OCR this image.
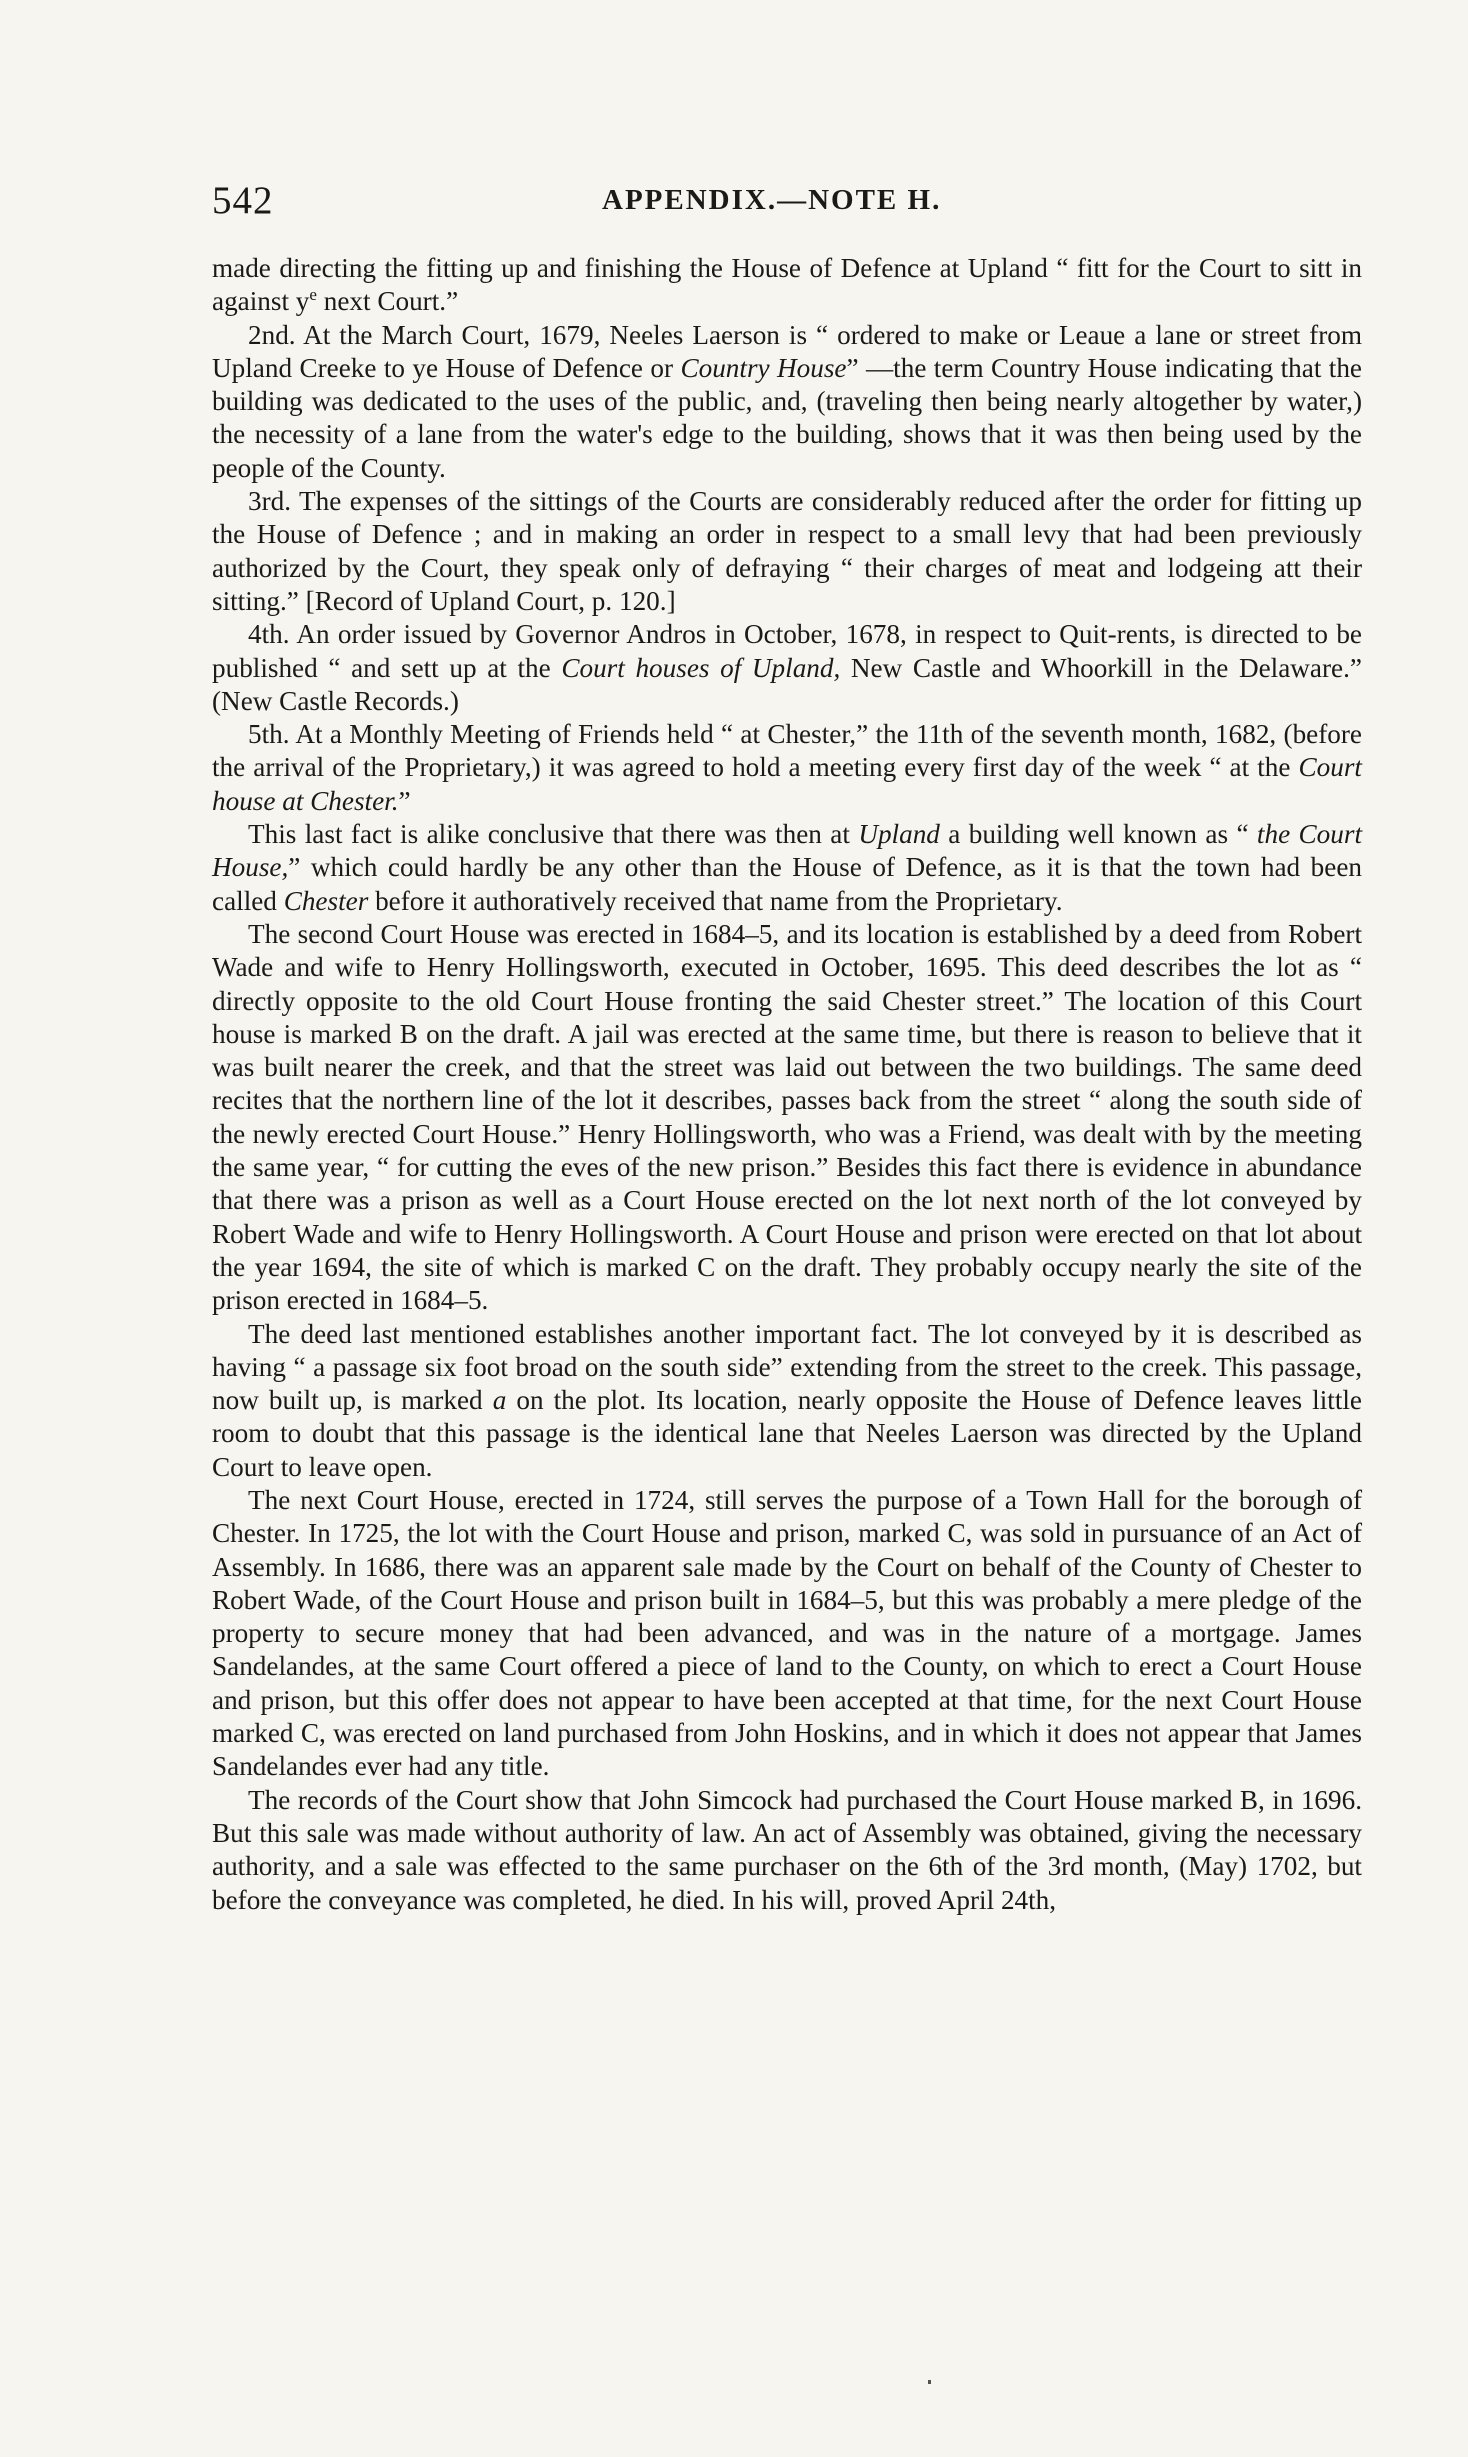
542	APPENDIX.—NOTE H.

made directing the fitting up and finishing the House of Defence at Upland “ fitt for the Court to sitt in against $y^e$ next Court.”

2nd. At the March Court, 1679, Neeles Laerson is “ ordered to make or Leaue a lane or street from Upland Creeke to ye House of Defence or Country House” —the term Country House indicating that the building was dedicated to the uses of the public, and, (traveling then being nearly altogether by water,) the necessity of a lane from the water's edge to the building, shows that it was then being used by the people of the County.

3rd. The expenses of the sittings of the Courts are considerably reduced after the order for fitting up the House of Defence ; and in making an order in respect to a small levy that had been previously authorized by the Court, they speak only of defraying “ their charges of meat and lodgeing att their sitting.” [Record of Upland Court, p. 120.]

4th. An order issued by Governor Andros in October, 1678, in respect to Quit-rents, is directed to be published “ and sett up at the Court houses of Upland, New Castle and Whoorkill in the Delaware.” (New Castle Records.)

5th. At a Monthly Meeting of Friends held “ at Chester,” the 11th of the seventh month, 1682, (before the arrival of the Proprietary,) it was agreed to hold a meeting every first day of the week “ at the Court house at Chester.”

This last fact is alike conclusive that there was then at Upland a building well known as “ the Court House,” which could hardly be any other than the House of Defence, as it is that the town had been called Chester before it authoratively received that name from the Proprietary.

The second Court House was erected in 1684–5, and its location is established by a deed from Robert Wade and wife to Henry Hollingsworth, executed in October, 1695. This deed describes the lot as “ directly opposite to the old Court House fronting the said Chester street.” The location of this Court house is marked B on the draft. A jail was erected at the same time, but there is reason to believe that it was built nearer the creek, and that the street was laid out between the two buildings. The same deed recites that the northern line of the lot it describes, passes back from the street “ along the south side of the newly erected Court House.” Henry Hollingsworth, who was a Friend, was dealt with by the meeting the same year, “ for cutting the eves of the new prison.” Besides this fact there is evidence in abundance that there was a prison as well as a Court House erected on the lot next north of the lot conveyed by Robert Wade and wife to Henry Hollingsworth. A Court House and prison were erected on that lot about the year 1694, the site of which is marked C on the draft. They probably occupy nearly the site of the prison erected in 1684–5.

The deed last mentioned establishes another important fact. The lot conveyed by it is described as having “ a passage six foot broad on the south side” extending from the street to the creek. This passage, now built up, is marked a on the plot. Its location, nearly opposite the House of Defence leaves little room to doubt that this passage is the identical lane that Neeles Laerson was directed by the Upland Court to leave open.

The next Court House, erected in 1724, still serves the purpose of a Town Hall for the borough of Chester. In 1725, the lot with the Court House and prison, marked C, was sold in pursuance of an Act of Assembly. In 1686, there was an apparent sale made by the Court on behalf of the County of Chester to Robert Wade, of the Court House and prison built in 1684–5, but this was probably a mere pledge of the property to secure money that had been advanced, and was in the nature of a mortgage. James Sandelandes, at the same Court offered a piece of land to the County, on which to erect a Court House and prison, but this offer does not appear to have been accepted at that time, for the next Court House marked C, was erected on land purchased from John Hoskins, and in which it does not appear that James Sandelandes ever had any title.

The records of the Court show that John Simcock had purchased the Court House marked B, in 1696. But this sale was made without authority of law. An act of Assembly was obtained, giving the necessary authority, and a sale was effected to the same purchaser on the 6th of the 3rd month, (May) 1702, but before the conveyance was completed, he died. In his will, proved April 24th,
